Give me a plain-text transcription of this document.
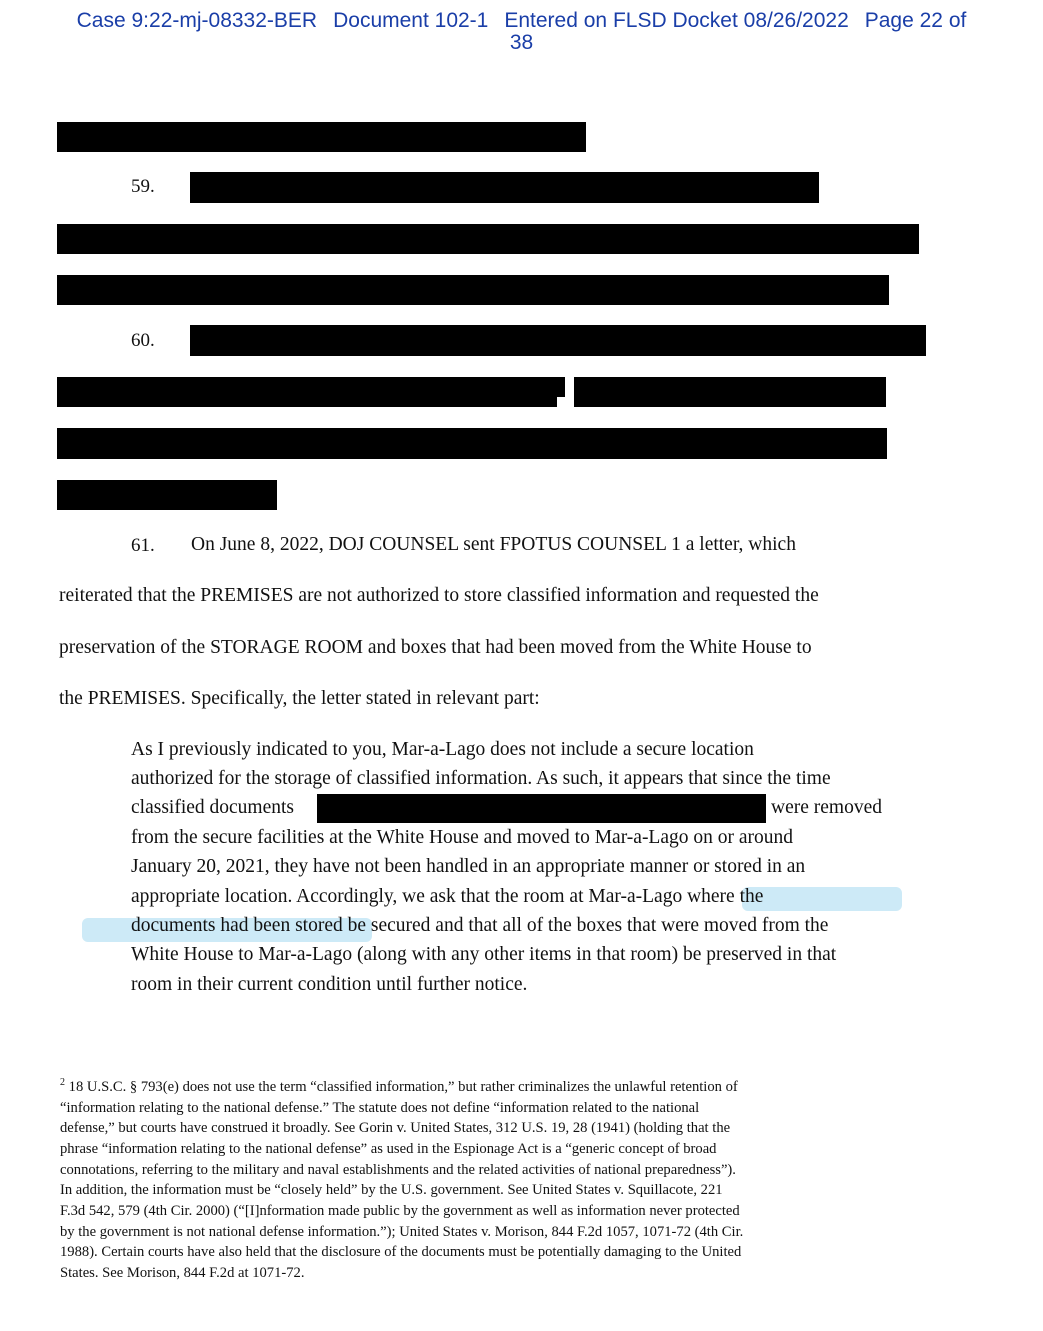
Case 9:22-mj-08332-BER Document 102-1 Entered on FLSD Docket 08/26/2022 Page 22 of
38
59.
60.
61. On June 8, 2022, DOJ COUNSEL sent FPOTUS COUNSEL 1 a letter, which
reiterated that the PREMISES are not authorized to store classified information and requested the
preservation of the STORAGE ROOM and boxes that had been moved from the White House to
the PREMISES. Specifically, the letter stated in relevant part:
As I previously indicated to you, Mar-a-Lago does not include a secure location
authorized for the storage of classified information. As such, it appears that since the time
classified documents	were removed
from the secure facilities at the White House and moved to Mar-a-Lago on or around
January 20, 2021, they have not been handled in an appropriate manner or stored in an
appropriate location. Accordingly, we ask that the room at Mar-a-Lago where the
documents had been stored be secured and that all of the boxes that were moved from the
White House to Mar-a-Lago (along with any other items in that room) be preserved in that
room in their current condition until further notice.
$^2$ 18 U.S.C. § 793(e) does not use the term “classified information,” but rather criminalizes the unlawful retention of
“information relating to the national defense.” The statute does not define “information related to the national
defense,” but courts have construed it broadly. See Gorin v. United States, 312 U.S. 19, 28 (1941) (holding that the
phrase “information relating to the national defense” as used in the Espionage Act is a “generic concept of broad
connotations, referring to the military and naval establishments and the related activities of national preparedness”).
In addition, the information must be “closely held” by the U.S. government. See United States v. Squillacote, 221
F.3d 542, 579 (4th Cir. 2000) (“[I]nformation made public by the government as well as information never protected
by the government is not national defense information.”); United States v. Morison, 844 F.2d 1057, 1071-72 (4th Cir.
1988). Certain courts have also held that the disclosure of the documents must be potentially damaging to the United
States. See Morison, 844 F.2d at 1071-72.
